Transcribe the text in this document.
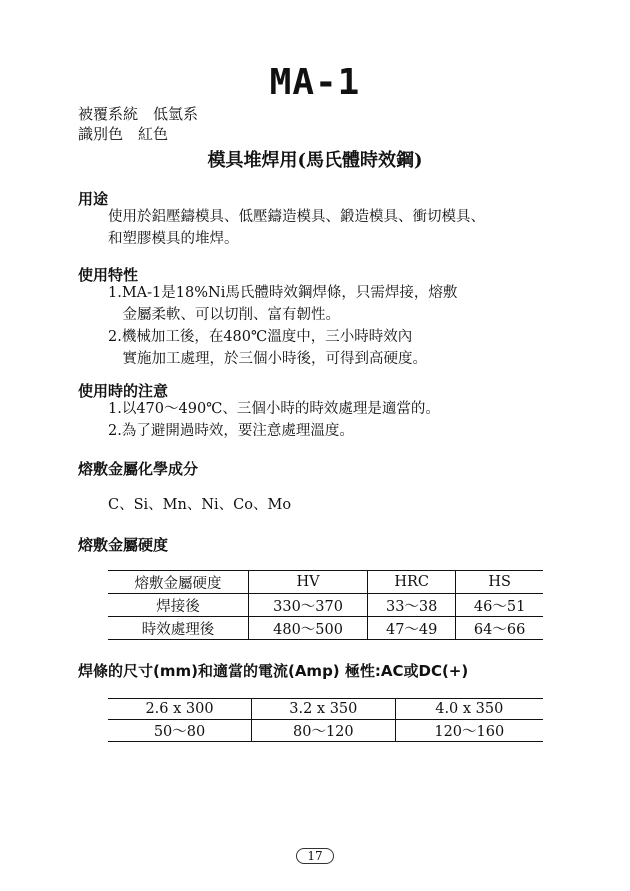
MA-1
被覆系統　低氫系
識別色　紅色
模具堆焊用(馬氏體時效鋼)
用途
使用於鋁壓鑄模具、低壓鑄造模具、鍛造模具、衝切模具、
和塑膠模具的堆焊。
使用特性
1.MA-1是18%Ni馬氏體時效鋼焊條，只需焊接，熔敷
　金屬柔軟、可以切削、富有韌性。
2.機械加工後，在480℃溫度中，三小時時效內
　實施加工處理，於三個小時後，可得到高硬度。
使用時的注意
1.以470～490℃、三個小時的時效處理是適當的。
2.為了避開過時效，要注意處理溫度。
熔敷金屬化學成分
C、Si、Mn、Ni、Co、Mo
熔敷金屬硬度
熔敷金屬硬度	HV	HRC	HS
焊接後	330～370	33～38	46～51
時效處理後	480～500	47～49	64～66
焊條的尺寸(mm)和適當的電流(Amp) 極性:AC或DC(+)
2.6 x 300	3.2 x 350	4.0 x 350
50～80	80～120	120～160
17
